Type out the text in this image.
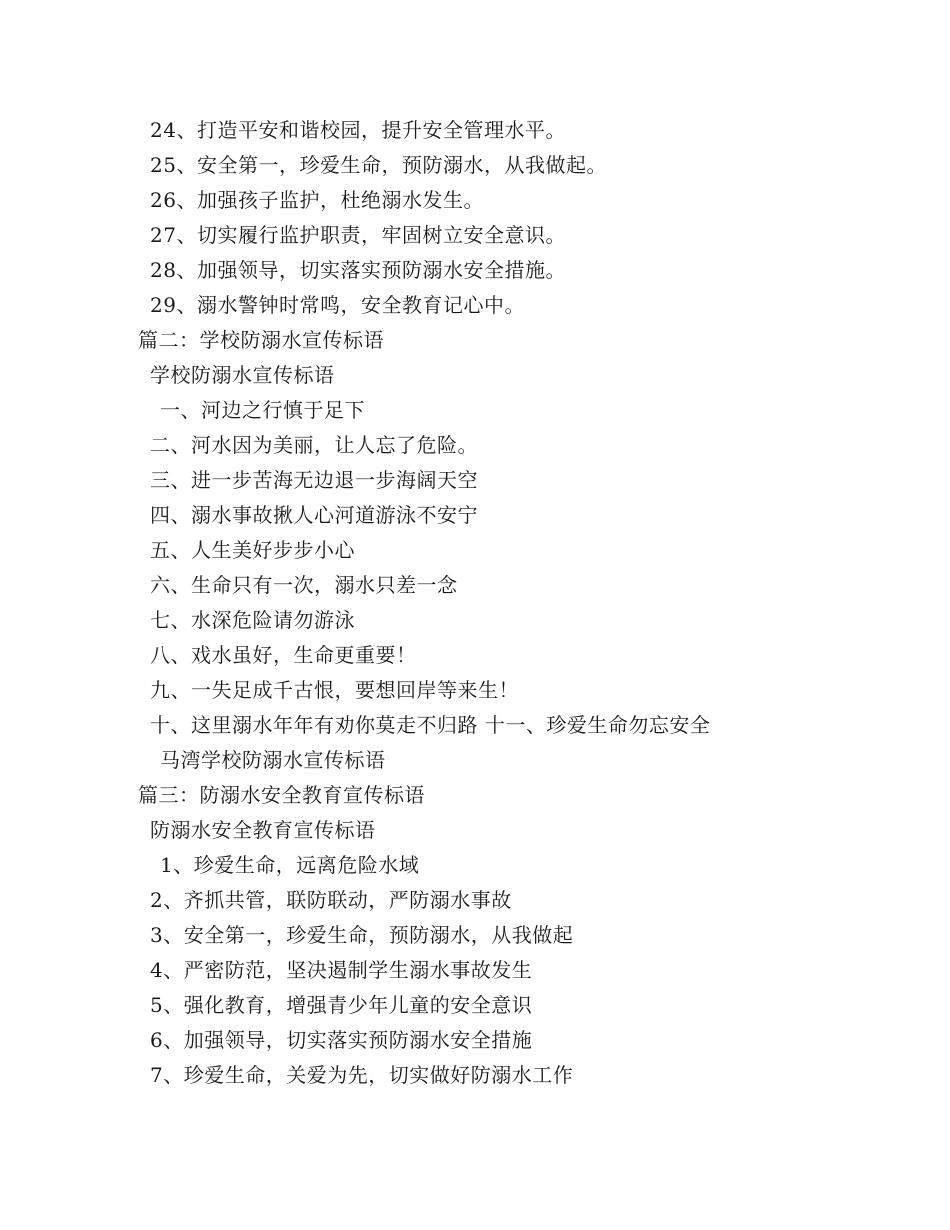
24、打造平安和谐校园，提升安全管理水平。
25、安全第一，珍爱生命，预防溺水，从我做起。
26、加强孩子监护，杜绝溺水发生。
27、切实履行监护职责，牢固树立安全意识。
28、加强领导，切实落实预防溺水安全措施。
29、溺水警钟时常鸣，安全教育记心中。
篇二：学校防溺水宣传标语
学校防溺水宣传标语
一、河边之行慎于足下
二、河水因为美丽，让人忘了危险。
三、进一步苦海无边退一步海阔天空
四、溺水事故揪人心河道游泳不安宁
五、人生美好步步小心
六、生命只有一次，溺水只差一念
七、水深危险请勿游泳
八、戏水虽好，生命更重要！
九、一失足成千古恨，要想回岸等来生！
十、这里溺水年年有劝你莫走不归路 十一、珍爱生命勿忘安全
马湾学校防溺水宣传标语
篇三：防溺水安全教育宣传标语
防溺水安全教育宣传标语
1、珍爱生命，远离危险水域
2、齐抓共管，联防联动，严防溺水事故
3、安全第一，珍爱生命，预防溺水，从我做起
4、严密防范，坚决遏制学生溺水事故发生
5、强化教育，增强青少年儿童的安全意识
6、加强领导，切实落实预防溺水安全措施
7、珍爱生命，关爱为先，切实做好防溺水工作
